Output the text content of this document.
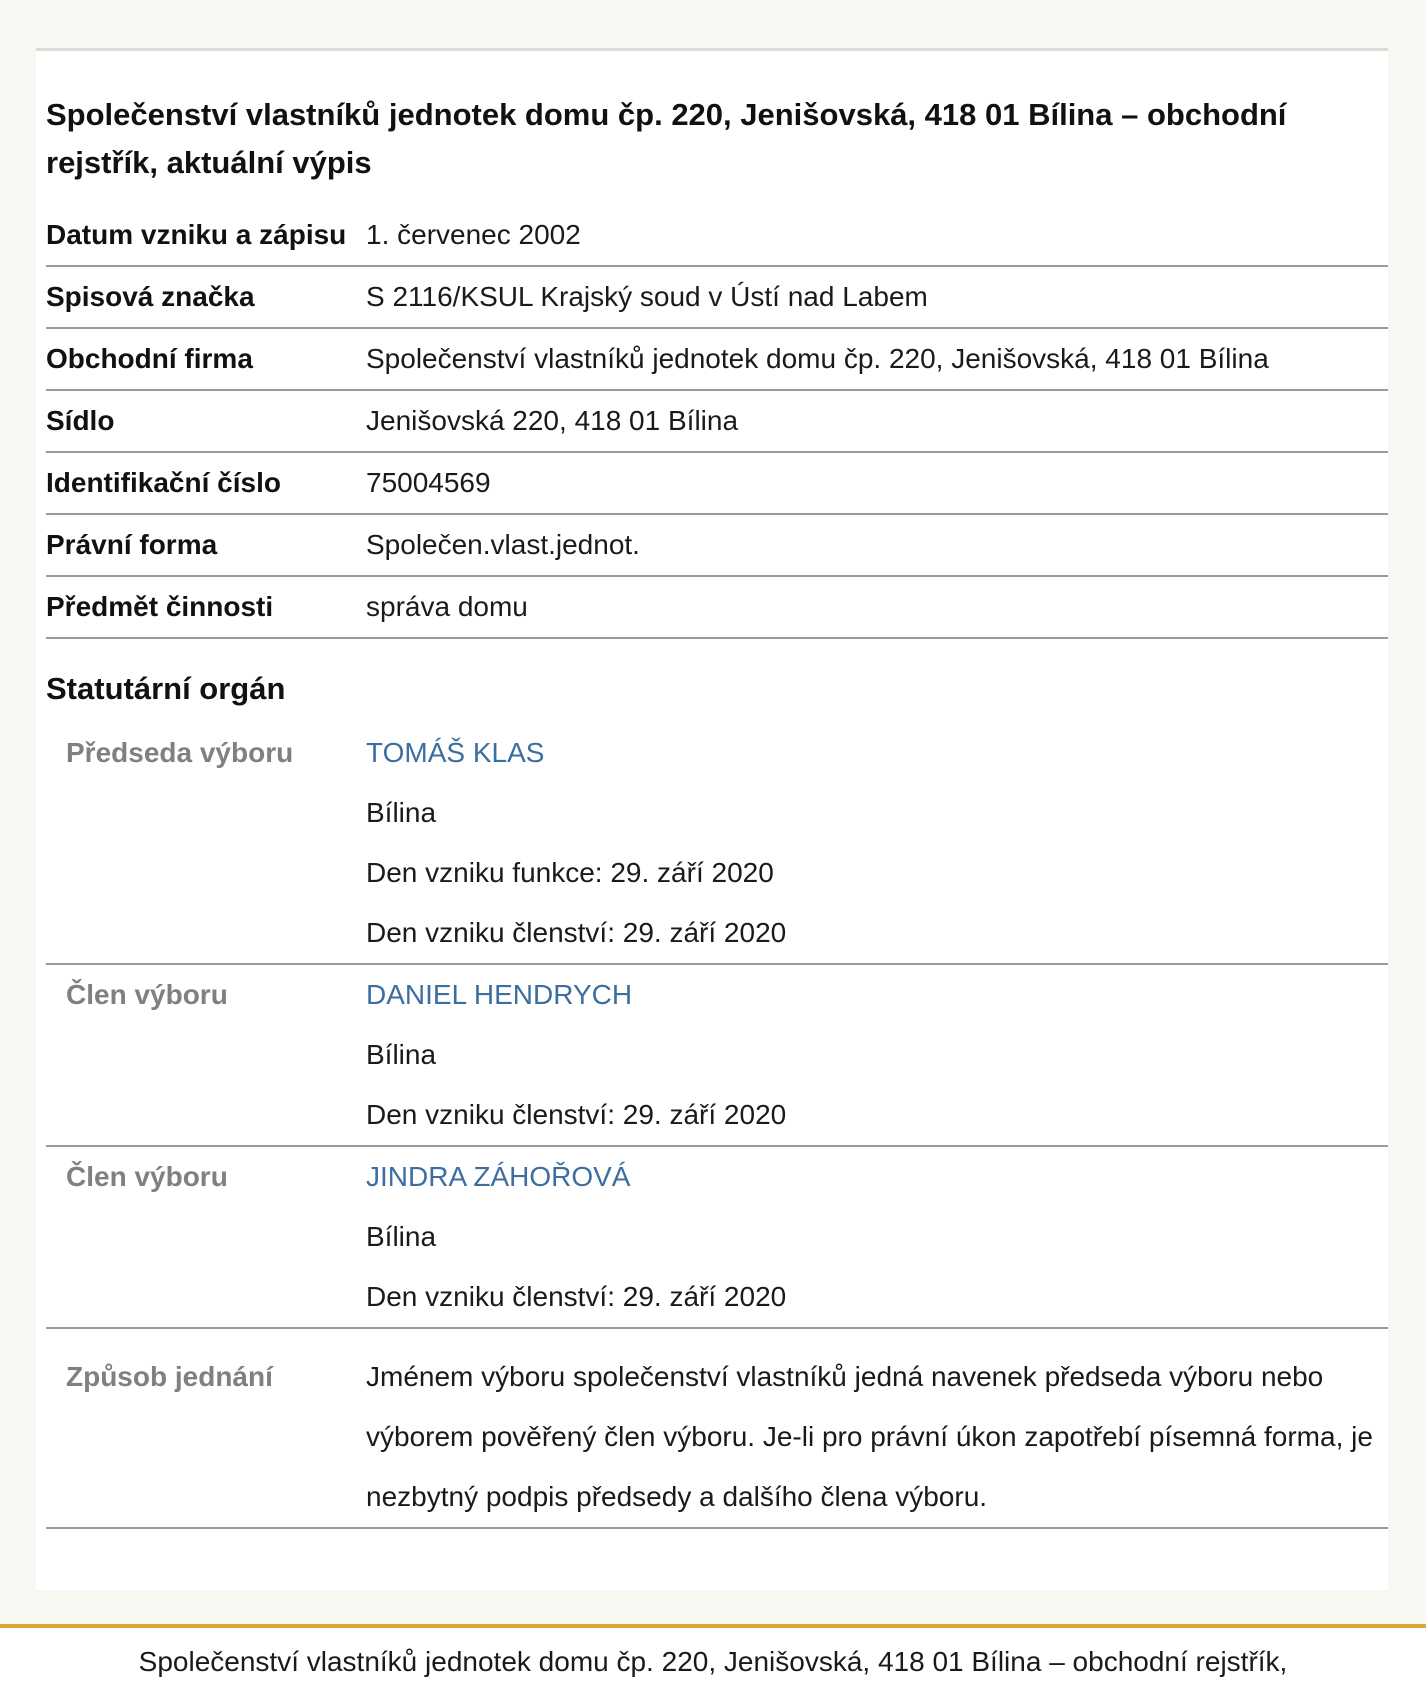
Společenství vlastníků jednotek domu čp. 220, Jenišovská, 418 01 Bílina – obchodní rejstřík, aktuální výpis
Datum vzniku a zápisu	1. červenec 2002
Spisová značka	S 2116/KSUL Krajský soud v Ústí nad Labem
Obchodní firma	Společenství vlastníků jednotek domu čp. 220, Jenišovská, 418 01 Bílina
Sídlo	Jenišovská 220, 418 01 Bílina
Identifikační číslo	75004569
Právní forma	Společen.vlast.jednot.
Předmět činnosti	správa domu
Statutární orgán
Předseda výboru	TOMÁŠ KLAS
Bílina
Den vzniku funkce: 29. září 2020
Den vzniku členství: 29. září 2020

Člen výboru	DANIEL HENDRYCH
Bílina
Den vzniku členství: 29. září 2020

Člen výboru	JINDRA ZÁHOŘOVÁ
Bílina
Den vzniku členství: 29. září 2020

Způsob jednání	Jménem výboru společenství vlastníků jedná navenek předseda výboru nebo výborem pověřený člen výboru. Je-li pro právní úkon zapotřebí písemná forma, je nezbytný podpis předsedy a dalšího člena výboru.
Společenství vlastníků jednotek domu čp. 220, Jenišovská, 418 01 Bílina – obchodní rejstřík,
